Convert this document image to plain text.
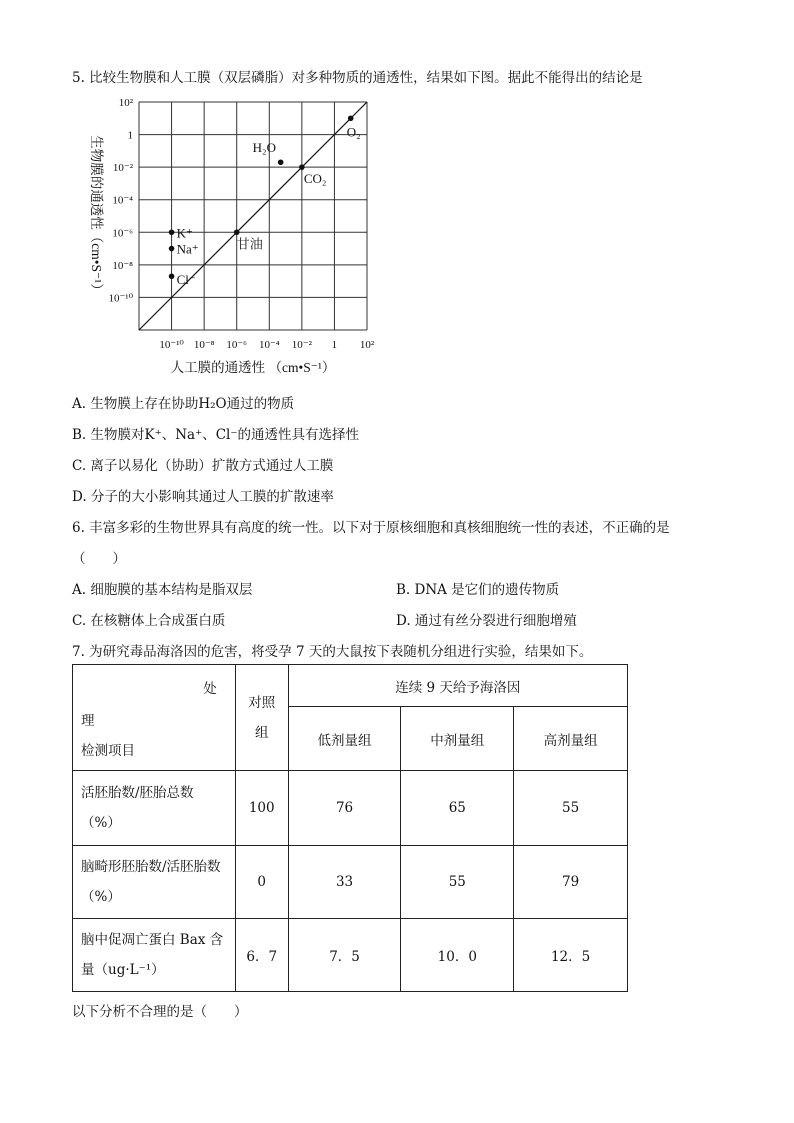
5. 比较生物膜和人工膜（双层磷脂）对多种物质的通透性，结果如下图。据此不能得出的结论是
10⁻¹⁰ 10⁻⁸ 10⁻⁶ 10⁻⁴ 10⁻² 1 10²
10²
1
10⁻²
10⁻⁴
10⁻⁶
10⁻⁸
10⁻¹⁰
人工膜的通透性 （cm•S⁻¹）
生物膜的通透性（cm•S⁻¹）
O₂
H₂O
CO₂
甘油
K⁺
Na⁺
Cl⁻
A. 生物膜上存在协助H₂O通过的物质
B. 生物膜对K⁺、Na⁺、Cl⁻的通透性具有选择性
C. 离子以易化（协助）扩散方式通过人工膜
D. 分子的大小影响其通过人工膜的扩散速率
6. 丰富多彩的生物世界具有高度的统一性。以下对于原核细胞和真核细胞统一性的表述，不正确的是
（　　）
A. 细胞膜的基本结构是脂双层	B. DNA 是它们的遗传物质
C. 在核糖体上合成蛋白质	D. 通过有丝分裂进行细胞增殖
7. 为研究毒品海洛因的危害，将受孕 7 天的大鼠按下表随机分组进行实验，结果如下。
处
理
检测项目	对照组	连续 9 天给予海洛因		
		低剂量组	中剂量组	高剂量组

活胚胎数/胚胎总数
（%）	100	76	65	55

脑畸形胚胎数/活胚胎数
（%）	0	33	55	79

脑中促凋亡蛋白 Bax 含
量（ug·L⁻¹）	6．7	7．5	10．0	12．5
以下分析不合理的是（　　）
